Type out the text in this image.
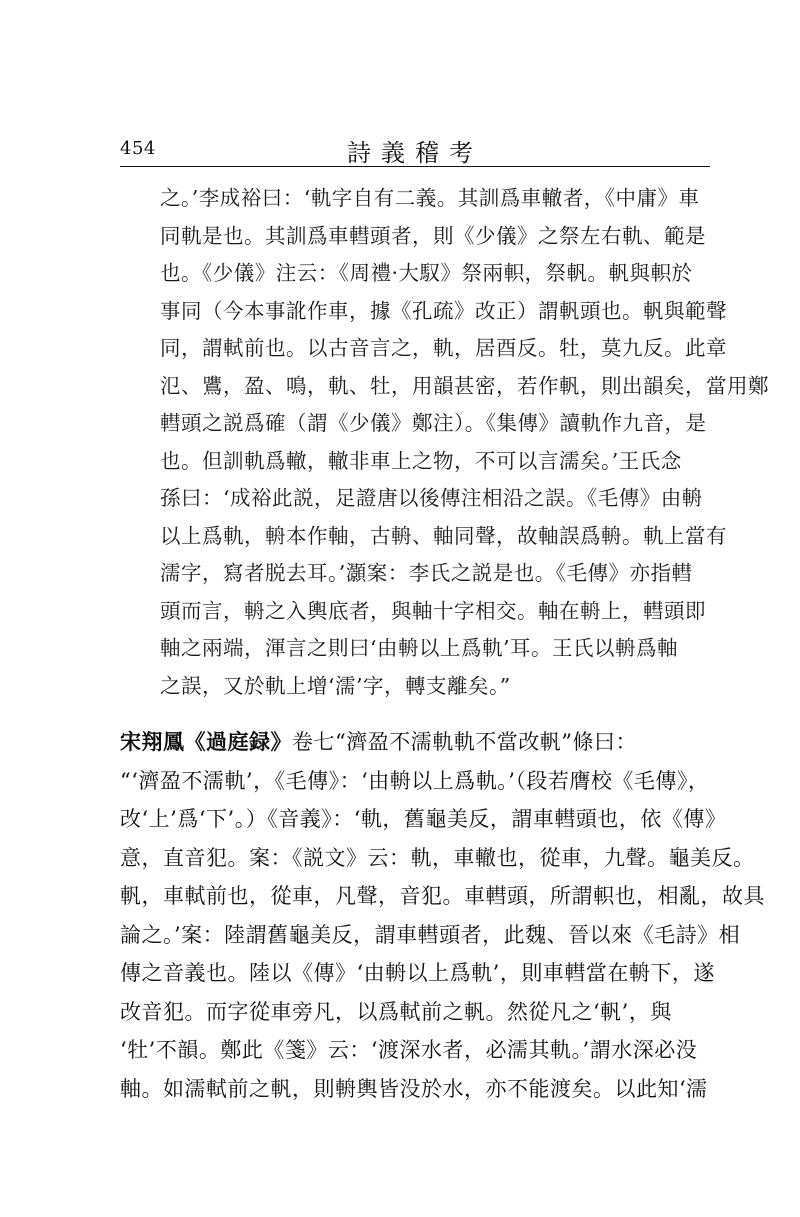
454	詩義稽考
之。’李成裕曰：‘軌字自有二義。其訓爲車轍者，《中庸》車
同軌是也。其訓爲車轊頭者，則《少儀》之祭左右軌、範是
也。《少儀》注云：《周禮·大馭》祭兩軹，祭軓。軓與軹於
事同（今本事訛作車，據《孔疏》改正）謂軓頭也。軓與範聲
同，謂軾前也。以古音言之，軌，居酉反。牡，莫九反。此章
氾、鷕，盈、鳴，軌、牡，用韻甚密，若作軓，則出韻矣，當用鄭
轊頭之説爲確（謂《少儀》鄭注）。《集傳》讀軌作九音，是
也。但訓軌爲轍，轍非車上之物，不可以言濡矣。’王氏念
孫曰：‘成裕此説，足證唐以後傳注相沿之誤。《毛傳》由輈
以上爲軌，輈本作軸，古輈、軸同聲，故軸誤爲輈。軌上當有
濡字，寫者脱去耳。’灝案：李氏之説是也。《毛傳》亦指轊
頭而言，輈之入輿底者，與軸十字相交。軸在輈上，轊頭即
軸之兩端，渾言之則曰‘由輈以上爲軌’耳。王氏以輈爲軸
之誤，又於軌上增‘濡’字，轉支離矣。”
宋翔鳳《過庭録》卷七“濟盈不濡軌軌不當改軓”條曰：
“‘濟盈不濡軌’，《毛傳》：‘由輈以上爲軌。’（段若膺校《毛傳》，
改‘上’爲‘下’。）《音義》：‘軌，舊龜美反，謂車轊頭也，依《傳》
意，直音犯。案：《説文》云：軌，車轍也，從車，九聲。龜美反。
軓，車軾前也，從車，凡聲，音犯。車轊頭，所謂軹也，相亂，故具
論之。’案：陸謂舊龜美反，謂車轊頭者，此魏、晉以來《毛詩》相
傳之音義也。陸以《傳》‘由輈以上爲軌’，則車轊當在輈下，遂
改音犯。而字從車旁凡，以爲軾前之軓。然從凡之‘軓’，與
‘牡’不韻。鄭此《箋》云：‘渡深水者，必濡其軌。’謂水深必没
軸。如濡軾前之軓，則輈輿皆没於水，亦不能渡矣。以此知‘濡
